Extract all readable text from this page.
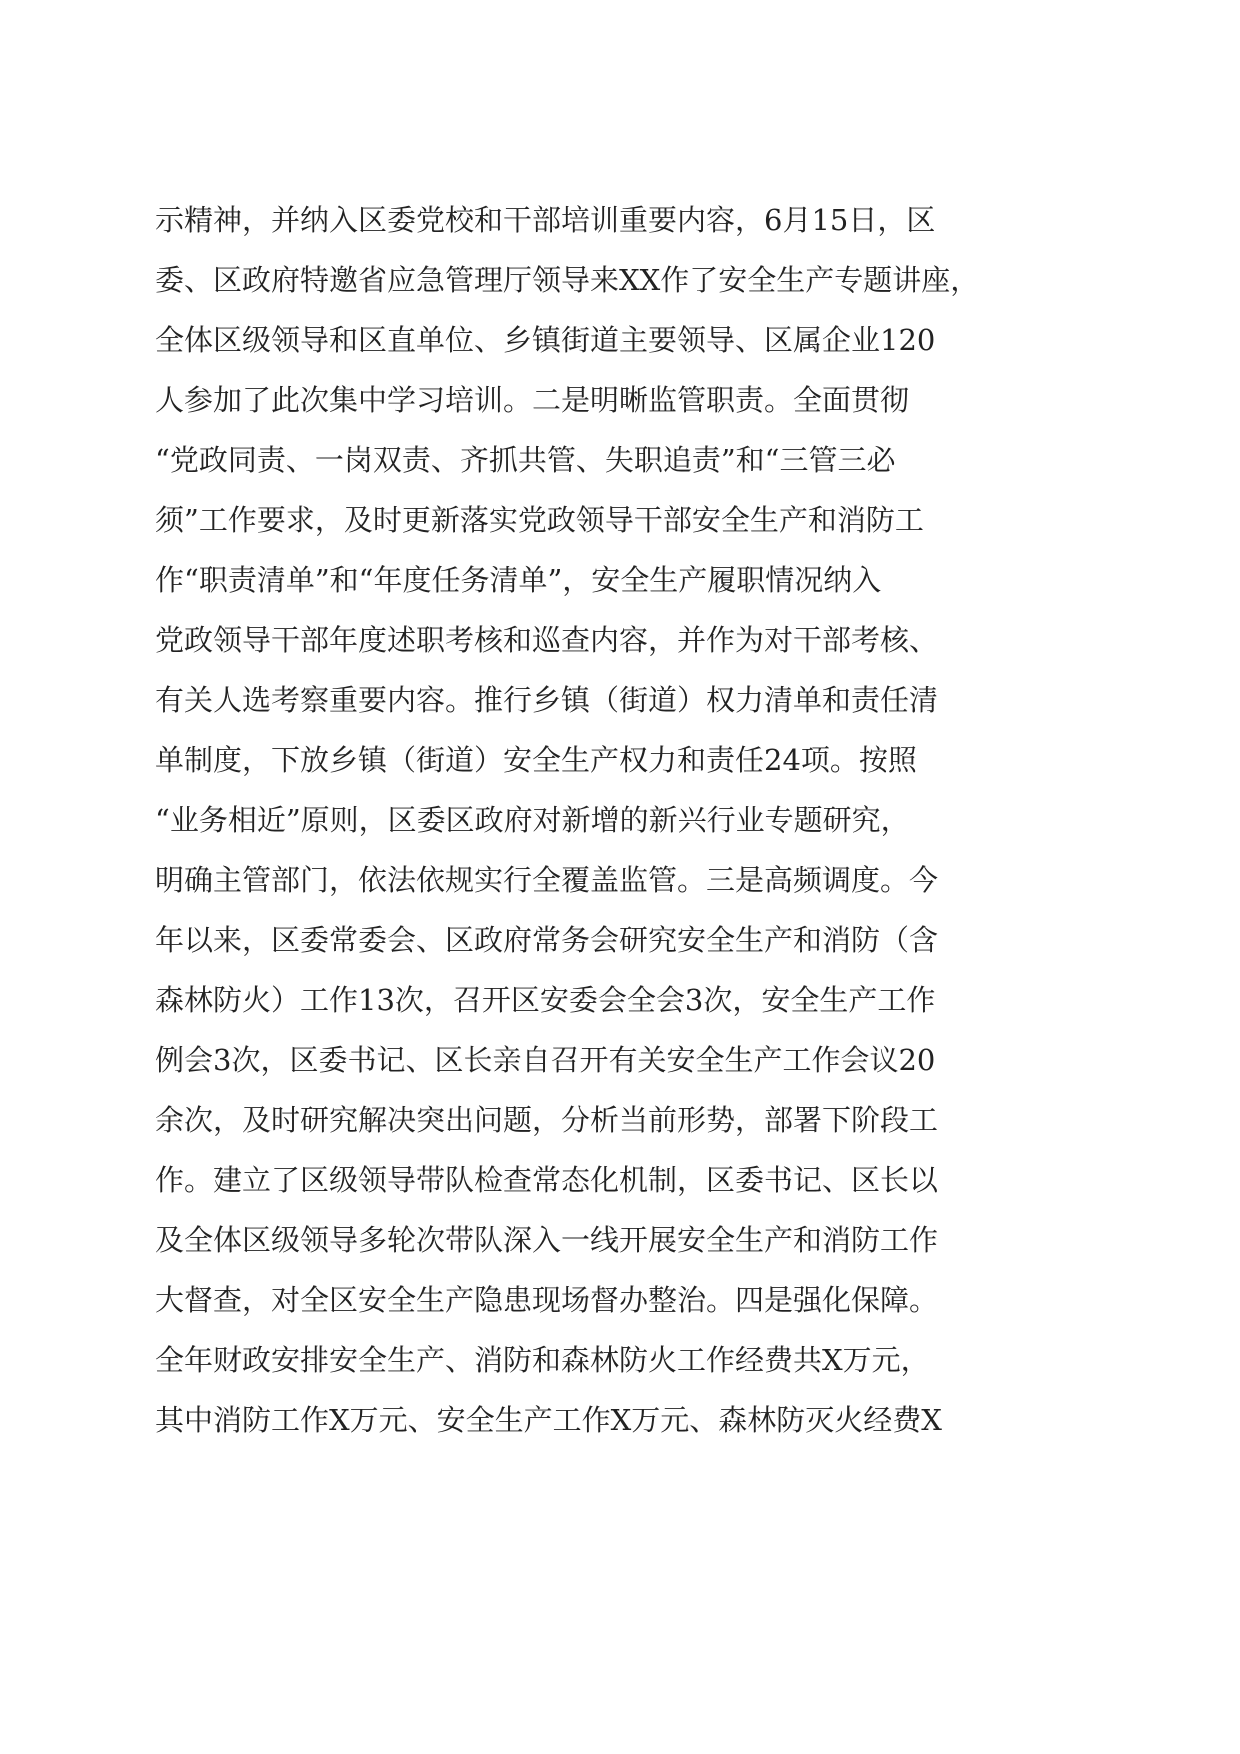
示精神，并纳入区委党校和干部培训重要内容，6月15日，区
委、区政府特邀省应急管理厅领导来XX作了安全生产专题讲座，
全体区级领导和区直单位、乡镇街道主要领导、区属企业120
人参加了此次集中学习培训。二是明晰监管职责。全面贯彻
“党政同责、一岗双责、齐抓共管、失职追责”和“三管三必
须”工作要求，及时更新落实党政领导干部安全生产和消防工
作“职责清单”和“年度任务清单”，安全生产履职情况纳入
党政领导干部年度述职考核和巡查内容，并作为对干部考核、
有关人选考察重要内容。推行乡镇（街道）权力清单和责任清
单制度，下放乡镇（街道）安全生产权力和责任24项。按照
“业务相近”原则，区委区政府对新增的新兴行业专题研究，
明确主管部门，依法依规实行全覆盖监管。三是高频调度。今
年以来，区委常委会、区政府常务会研究安全生产和消防（含
森林防火）工作13次，召开区安委会全会3次，安全生产工作
例会3次，区委书记、区长亲自召开有关安全生产工作会议20
余次，及时研究解决突出问题，分析当前形势，部署下阶段工
作。建立了区级领导带队检查常态化机制，区委书记、区长以
及全体区级领导多轮次带队深入一线开展安全生产和消防工作
大督查，对全区安全生产隐患现场督办整治。四是强化保障。
全年财政安排安全生产、消防和森林防火工作经费共X万元，
其中消防工作X万元、安全生产工作X万元、森林防灭火经费X
